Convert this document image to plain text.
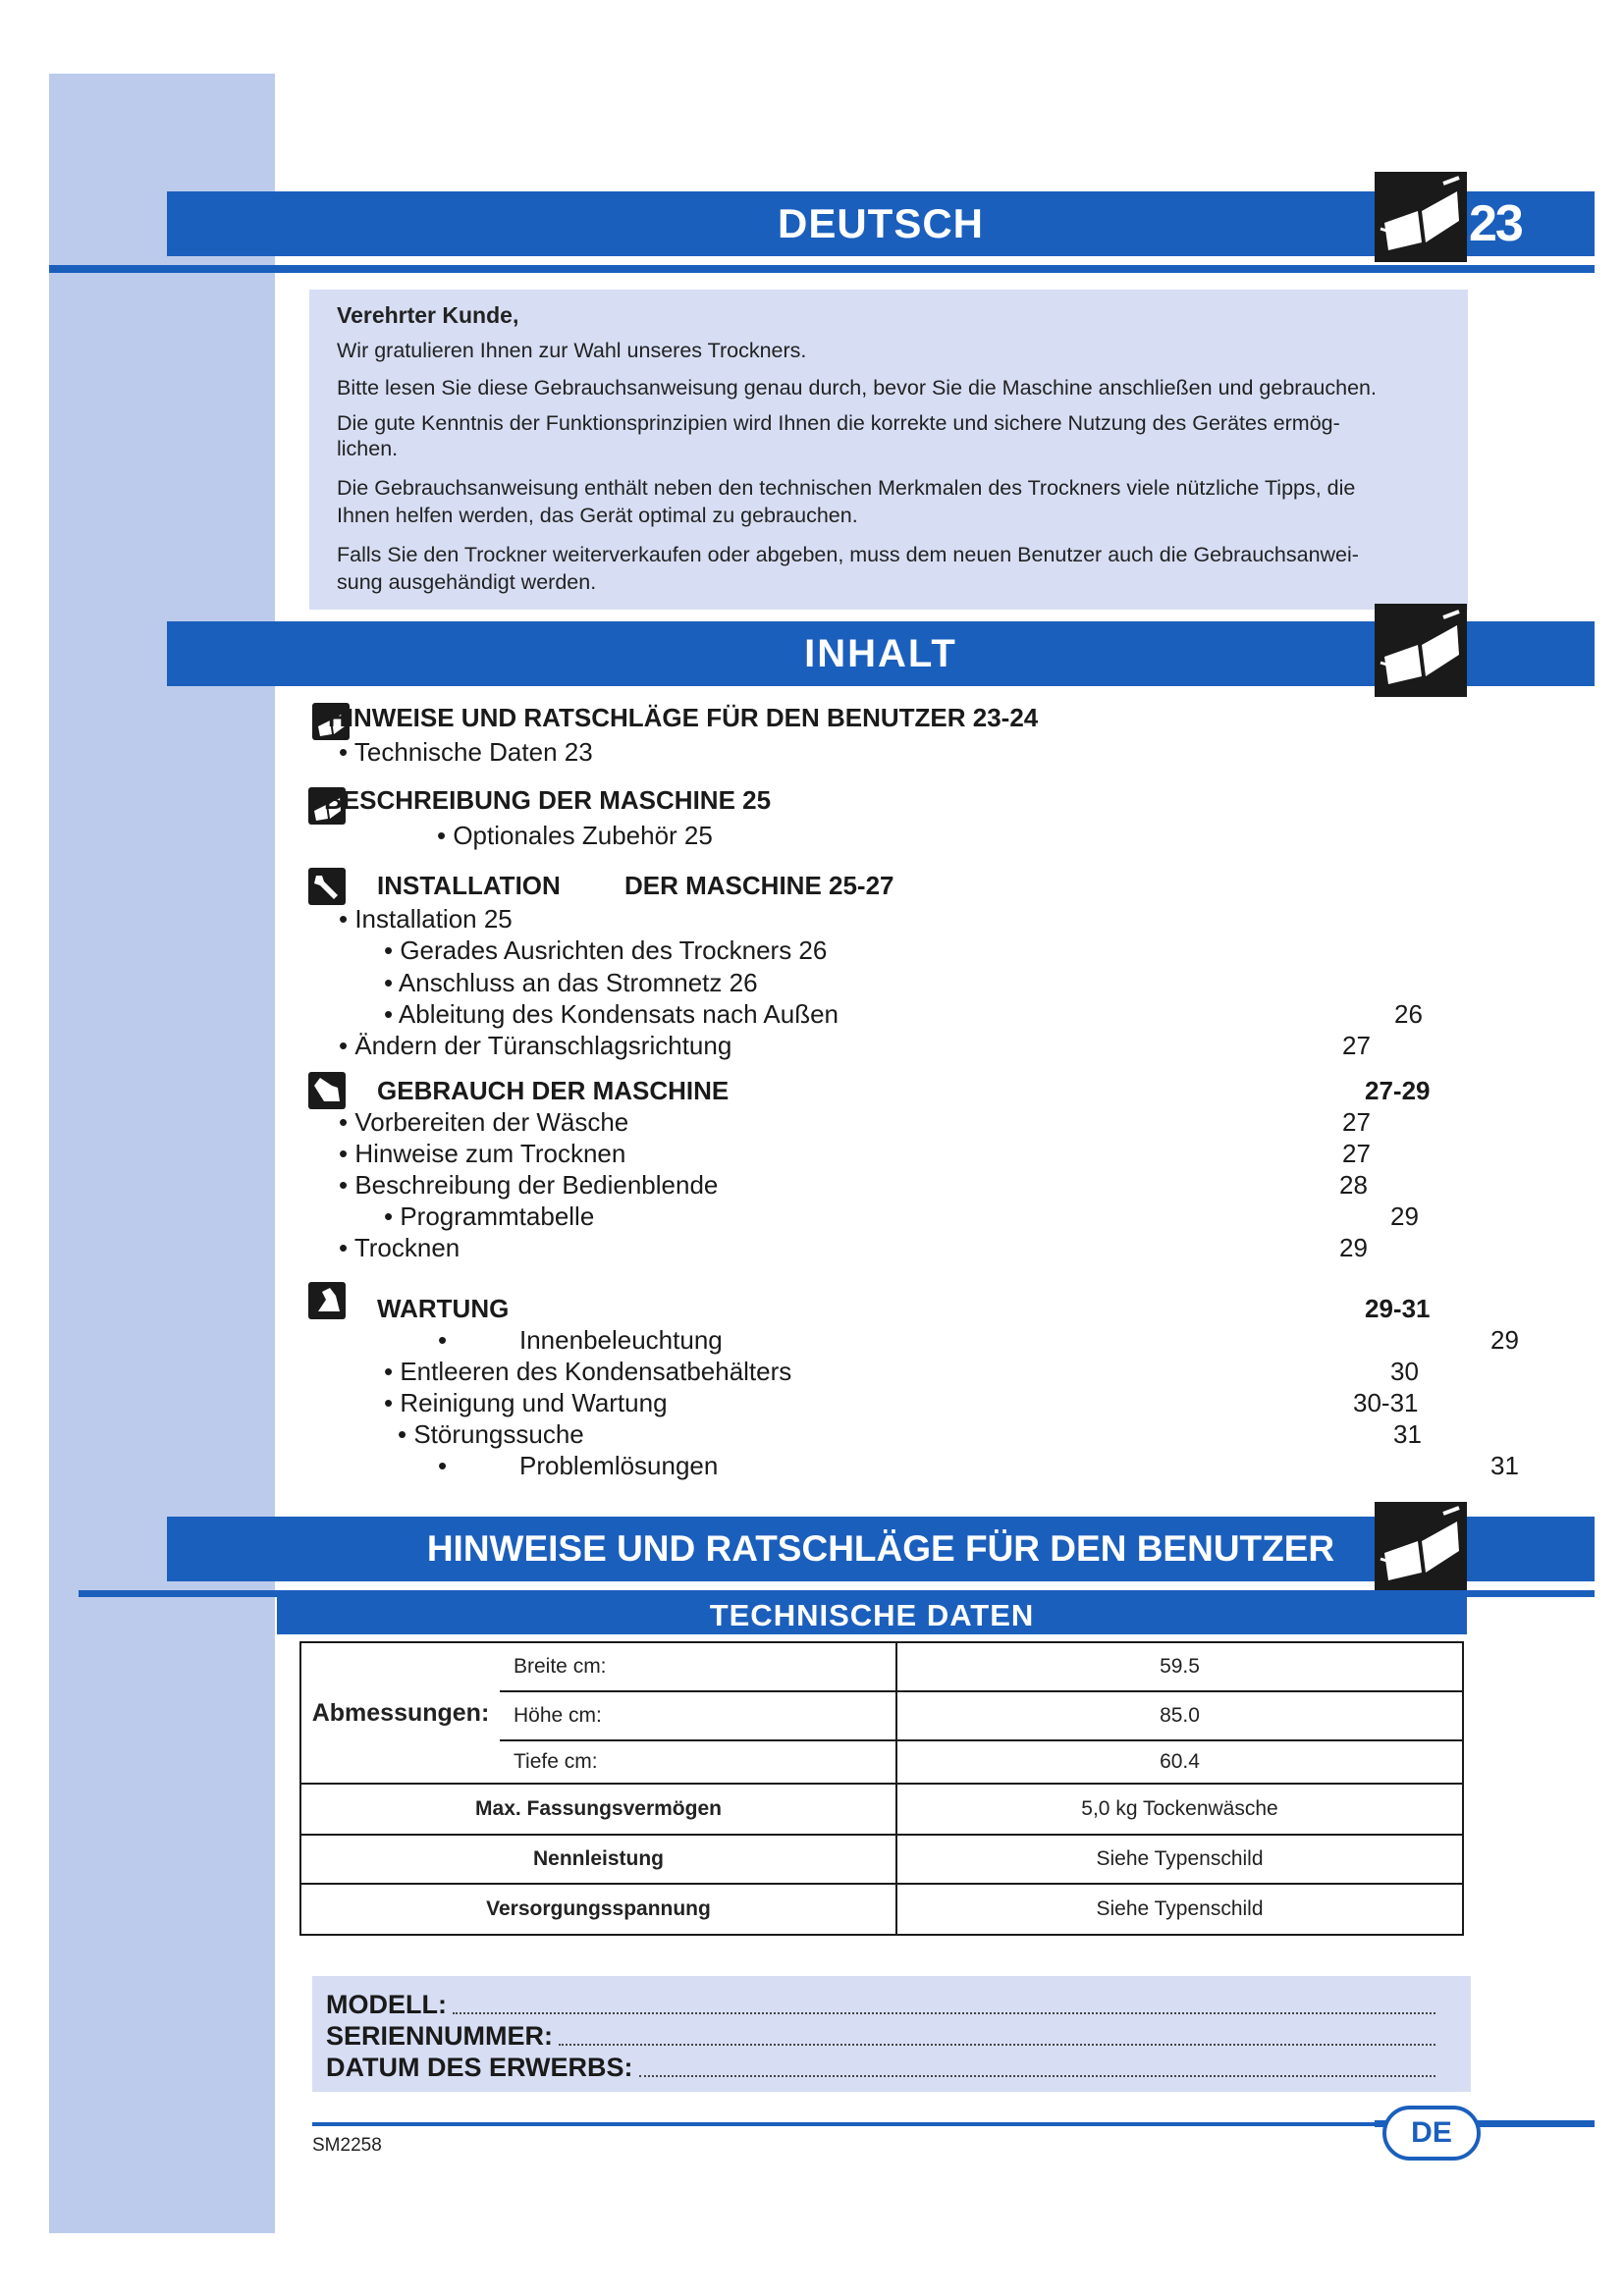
DEUTSCH	23

Verehrter Kunde,

Wir gratulieren Ihnen zur Wahl unseres Trockners.

Bitte lesen Sie diese Gebrauchsanweisung genau durch, bevor Sie die Maschine anschließen und gebrauchen.

Die gute Kenntnis der Funktionsprinzipien wird Ihnen die korrekte und sichere Nutzung des Gerätes ermög-

lichen.

Die Gebrauchsanweisung enthält neben den technischen Merkmalen des Trockners viele nützliche Tipps, die

Ihnen helfen werden, das Gerät optimal zu gebrauchen.

Falls Sie den Trockner weiterverkaufen oder abgeben, muss dem neuen Benutzer auch die Gebrauchsanwei-

sung ausgehändigt werden.

INHALT
HINWEISE UND RATSCHLÄGE FÜR DEN BENUTZER 23-24
• Technische Daten 23
BESCHREIBUNG DER MASCHINE 25
• Optionales Zubehör 25
INSTALLATION	DER MASCHINE 25-27
• Installation 25
• Gerades Ausrichten des Trockners 26
• Anschluss an das Stromnetz 26
• Ableitung des Kondensats nach Außen	26
• Ändern der Türanschlagsrichtung	27
GEBRAUCH DER MASCHINE	27-29
• Vorbereiten der Wäsche	27
• Hinweise zum Trocknen	27
• Beschreibung der Bedienblende	28
• Programmtabelle	29
• Trocknen	29
WARTUNG	29-31
•	Innenbeleuchtung	29
• Entleeren des Kondensatbehälters	30
• Reinigung und Wartung	30-31
• Störungssuche	31
•	Problemlösungen	31
HINWEISE UND RATSCHLÄGE FÜR DEN BENUTZER
TECHNISCHE DATEN
Abmessungen:	Breite cm:	59.5
	Höhe cm:	85.0
	Tiefe cm:	60.4
Max. Fassungsvermögen		5,0 kg Tockenwäsche
Nennleistung		Siehe Typenschild
Versorgungsspannung		Siehe Typenschild
MODELL:
SERIENNUMMER:
DATUM DES ERWERBS:
DE
SM2258
